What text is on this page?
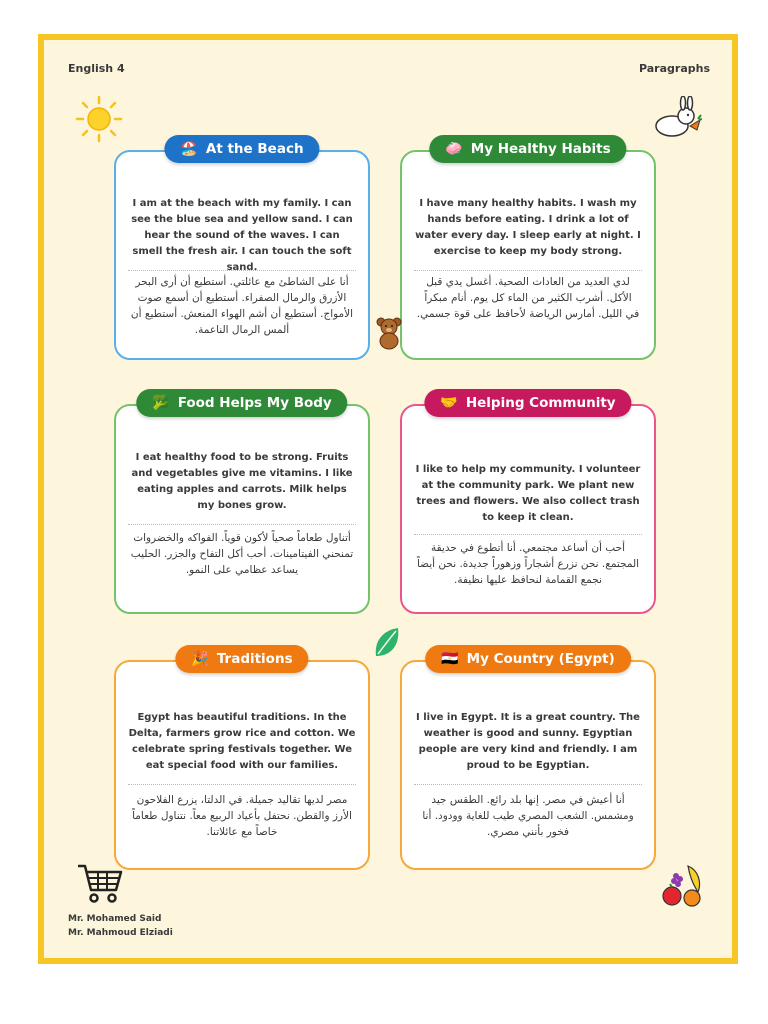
English 4	Paragraphs
🏖️ At the Beach
I am at the beach with my family. I can see the blue sea and yellow sand. I can hear the sound of the waves. I can smell the fresh air. I can touch the soft sand.
أنا على الشاطئ مع عائلتي. أستطيع أن أرى البحر الأزرق والرمال الصفراء. أستطيع أن أسمع صوت الأمواج. أستطيع أن أشم الهواء المنعش. أستطيع أن ألمس الرمال الناعمة.
🧼 My Healthy Habits
I have many healthy habits. I wash my hands before eating. I drink a lot of water every day. I sleep early at night. I exercise to keep my body strong.
لدي العديد من العادات الصحية. أغسل يدي قبل الأكل. أشرب الكثير من الماء كل يوم. أنام مبكراً في الليل. أمارس الرياضة لأحافظ على قوة جسمي.
🥦 Food Helps My Body
I eat healthy food to be strong. Fruits and vegetables give me vitamins. I like eating apples and carrots. Milk helps my bones grow.
أتناول طعاماً صحياً لأكون قوياً. الفواكه والخضروات تمنحني الفيتامينات. أحب أكل التفاح والجزر. الحليب يساعد عظامي على النمو.
🤝 Helping Community
I like to help my community. I volunteer at the community park. We plant new trees and flowers. We also collect trash to keep it clean.
أحب أن أساعد مجتمعي. أنا أتطوع في حديقة المجتمع. نحن نزرع أشجاراً وزهوراً جديدة. نحن أيضاً نجمع القمامة لنحافظ عليها نظيفة.
🎉 Traditions
Egypt has beautiful traditions. In the Delta, farmers grow rice and cotton. We celebrate spring festivals together. We eat special food with our families.
مصر لديها تقاليد جميلة. في الدلتا، يزرع الفلاحون الأرز والقطن. نحتفل بأعياد الربيع معاً. نتناول طعاماً خاصاً مع عائلاتنا.
🇪🇬 My Country (Egypt)
I live in Egypt. It is a great country. The weather is good and sunny. Egyptian people are very kind and friendly. I am proud to be Egyptian.
أنا أعيش في مصر. إنها بلد رائع. الطقس جيد ومشمس. الشعب المصري طيب للغاية وودود. أنا فخور بأنني مصري.
Mr. Mohamed Said
Mr. Mahmoud Elziadi
